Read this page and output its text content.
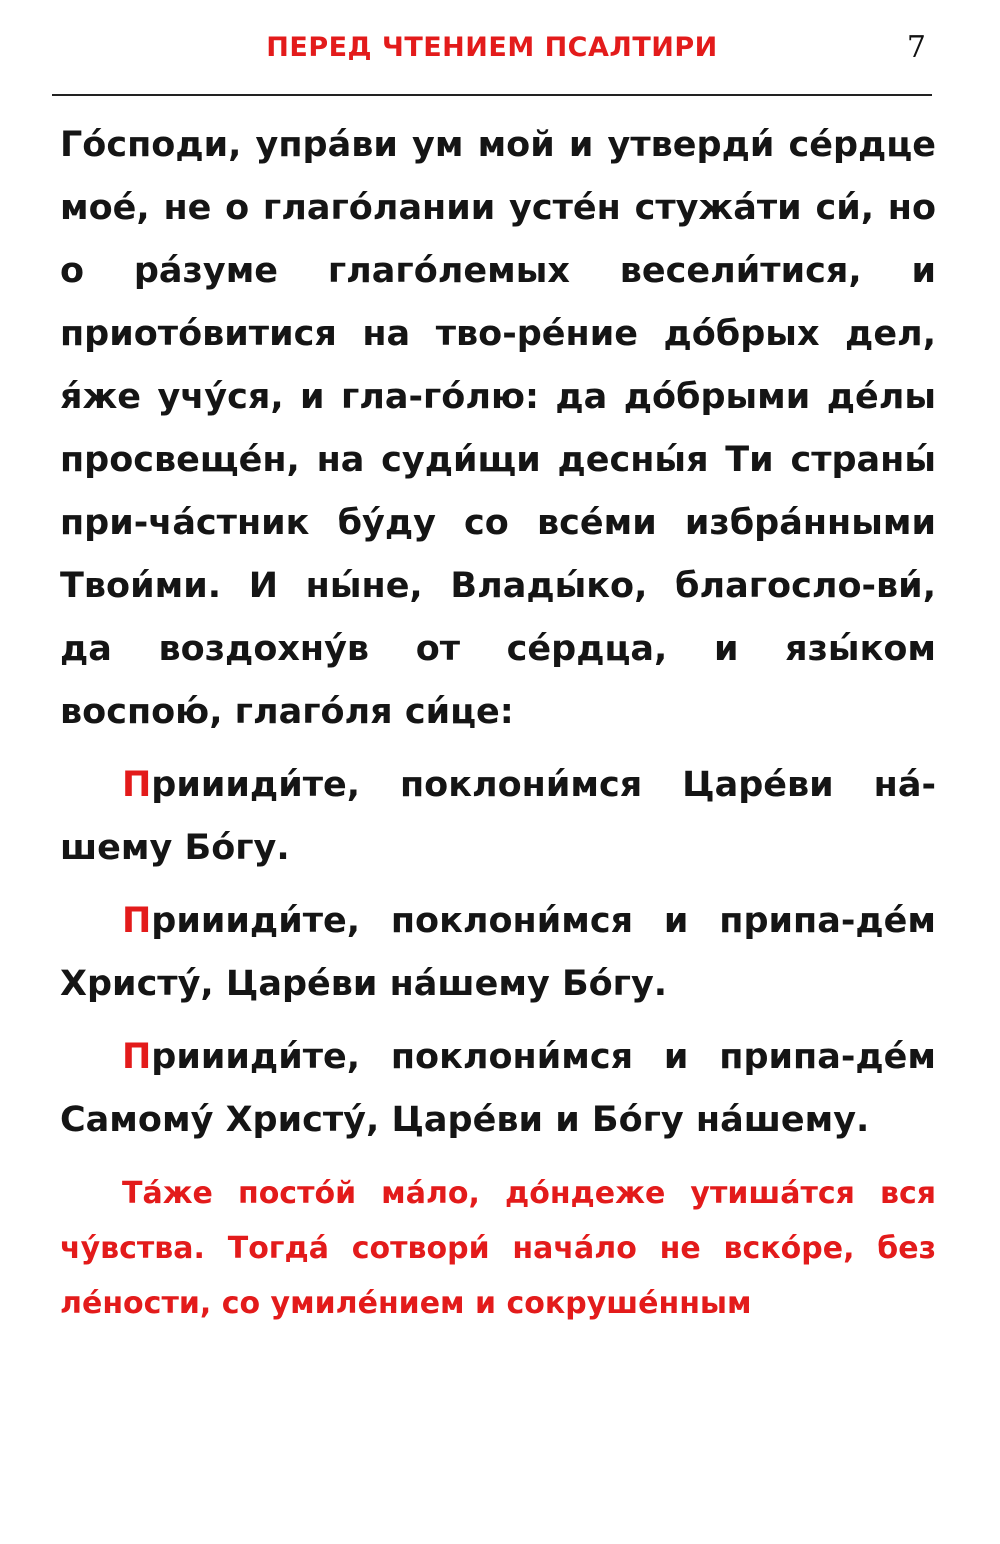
ПЕРЕД ЧТЕНИЕМ ПСАЛТИРИ	7

Го́споди, упра́ви ум мой и утверди́ се́рдце мое́, не о глаго́лании усте́н стужа́ти си́, но о ра́зуме глаго́лемых весели́тися, и приото́витися на тво-ре́ние до́брых дел, я́же учу́ся, и гла-го́лю: да до́брыми де́лы просвеще́н, на суди́щи десны́я Ти страны́ при-ча́стник бу́ду со все́ми избра́нными Твои́ми. И ны́не, Влады́ко, благосло-ви́, да воздохну́в от се́рдца, и язы́ком воспою́, глаго́ля си́це:

Приииди́те, поклони́мся Царе́ви на́-шему Бо́гу.

Приииди́те, поклони́мся и припа-де́м Христу́, Царе́ви на́шему Бо́гу.

Приииди́те, поклони́мся и припа-де́м Самому́ Христу́, Царе́ви и Бо́гу на́шему.

Та́же посто́й ма́ло, до́ндеже утиша́тся вся чу́вства. Тогда́ сотвори́ нача́ло не вско́ре, без ле́ности, со умиле́нием и сокруше́нным
